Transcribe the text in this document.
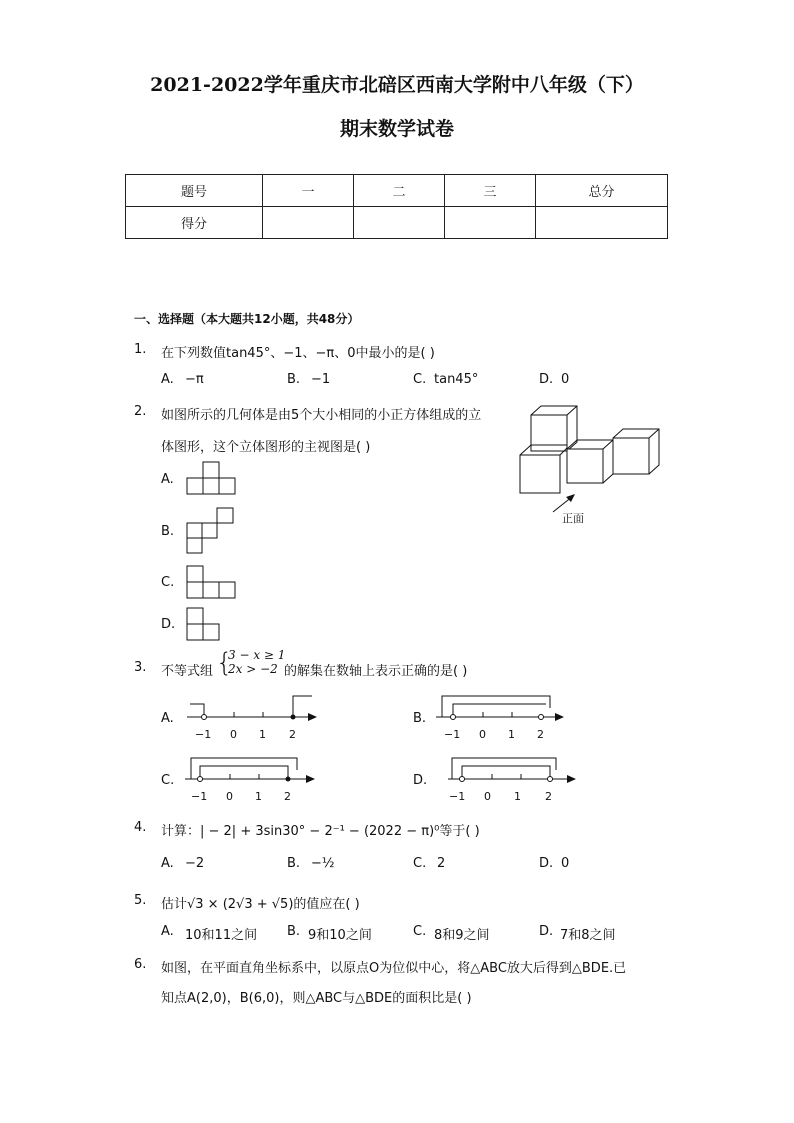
2021-2022学年重庆市北碚区西南大学附中八年级（下）
期末数学试卷
题号	一	二	三	总分
得分				
一、选择题（本大题共12小题，共48分）
1. 在下列数值tan45°、−1、−π、0中最小的是( )
A. −π	B. −1	C. tan45°	D. 0
2. 如图所示的几何体是由5个大小相同的小正方体组成的立
体图形，这个立体图形的主视图是( )
正面
A.
B.
C.
D.
3. 不等式组 {
3 − x ≥ 1
2x > −2 的解集在数轴上表示正确的是( )
A.
−1 0 1 2
B.
−1 0 1 2
C.
−1 0 1 2
D.
−1 0 1 2
4. 计算：| − 2| + 3sin30° − 2⁻¹ − (2022 − π)⁰等于( )
A. −2	B. −½	C. 2	D. 0
5. 估计√3 × (2√3 + √5)的值应在( )
A. 10和11之间 B. 9和10之间	C. 8和9之间	D. 7和8之间
6. 如图，在平面直角坐标系中，以原点O为位似中心，将△ABC放大后得到△BDE.已
知点A(2,0)，B(6,0)，则△ABC与△BDE的面积比是( )
